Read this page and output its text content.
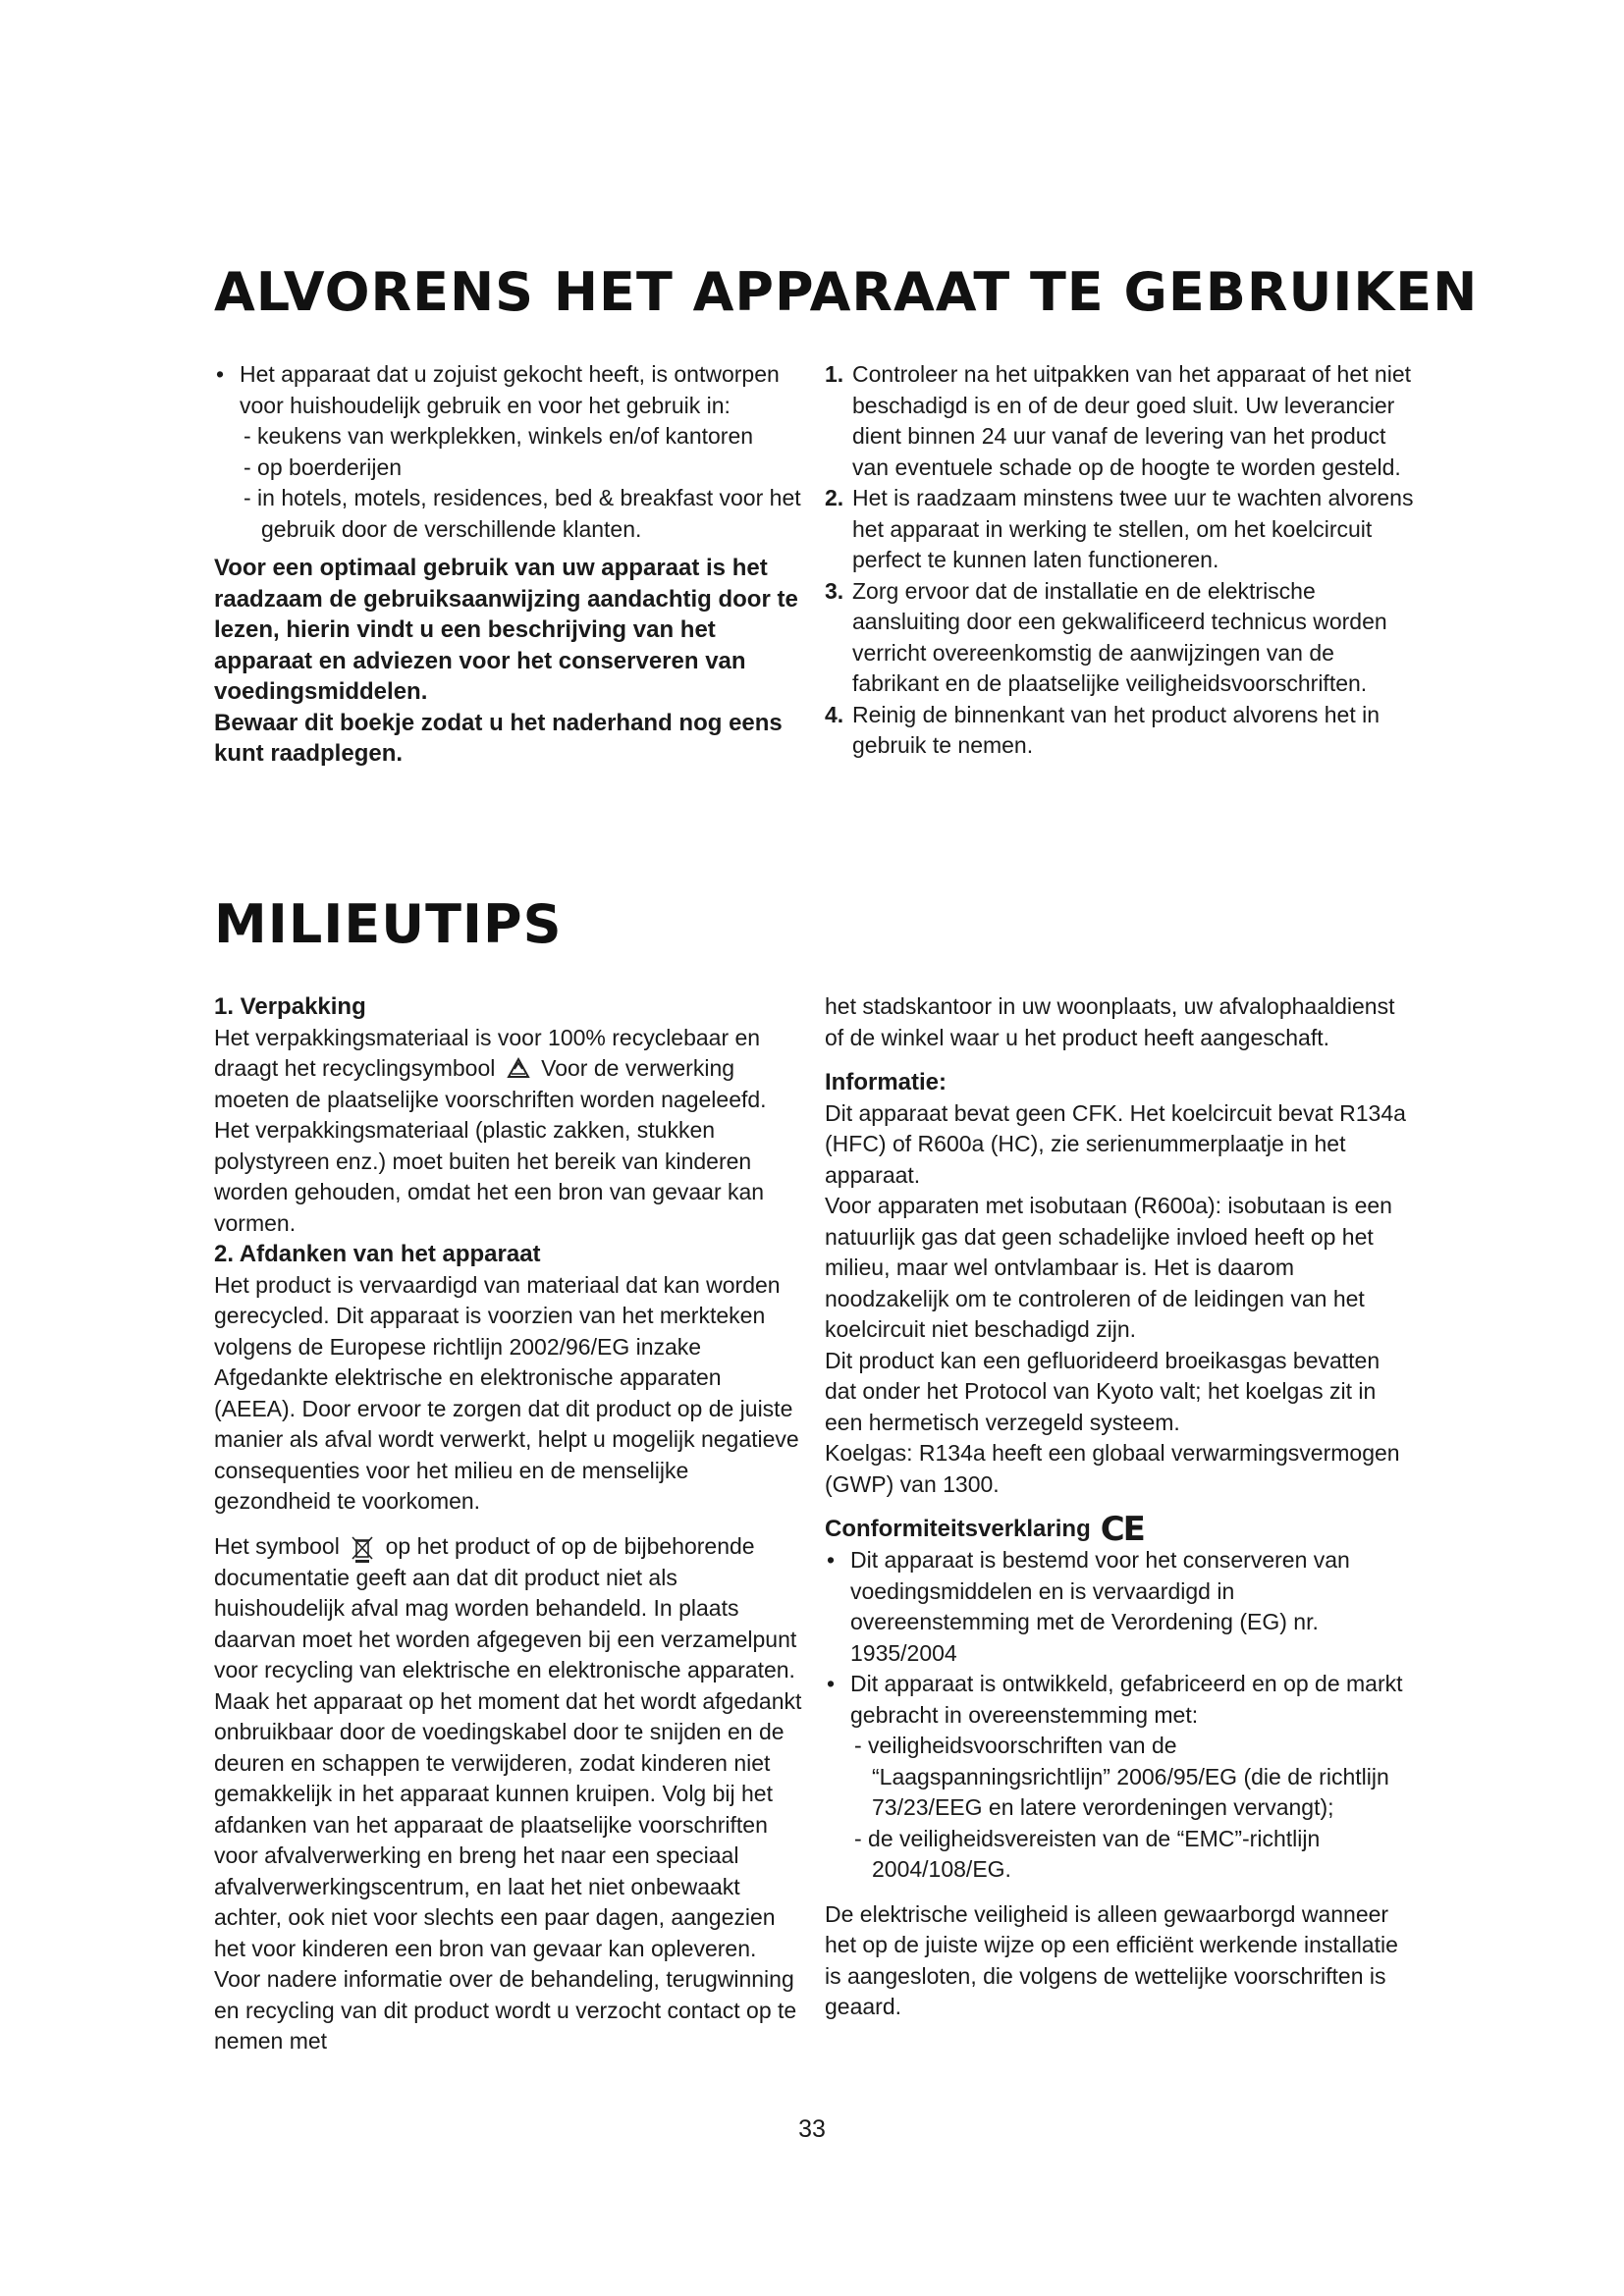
ALVORENS HET APPARAAT TE GEBRUIKEN

• Het apparaat dat u zojuist gekocht heeft, is ontworpen voor huishoudelijk gebruik en voor het gebruik in:

- keukens van werkplekken, winkels en/of kantoren

- op boerderijen

- in hotels, motels, residences, bed & breakfast voor het gebruik door de verschillende klanten.

Voor een optimaal gebruik van uw apparaat is het raadzaam de gebruiksaanwijzing aandachtig door te lezen, hierin vindt u een beschrijving van het apparaat en adviezen voor het conserveren van voedingsmiddelen.

Bewaar dit boekje zodat u het naderhand nog eens kunt raadplegen.

1. Controleer na het uitpakken van het apparaat of het niet beschadigd is en of de deur goed sluit. Uw leverancier dient binnen 24 uur vanaf de levering van het product van eventuele schade op de hoogte te worden gesteld.

2. Het is raadzaam minstens twee uur te wachten alvorens het apparaat in werking te stellen, om het koelcircuit perfect te kunnen laten functioneren.

3. Zorg ervoor dat de installatie en de elektrische aansluiting door een gekwalificeerd technicus worden verricht overeenkomstig de aanwijzingen van de fabrikant en de plaatselijke veiligheidsvoorschriften.

4. Reinig de binnenkant van het product alvorens het in gebruik te nemen.

MILIEUTIPS

1. Verpakking

Het verpakkingsmateriaal is voor 100% recyclebaar en draagt het recyclingsymbool Voor de verwerking moeten de plaatselijke voorschriften worden nageleefd. Het verpakkingsmateriaal (plastic zakken, stukken polystyreen enz.) moet buiten het bereik van kinderen worden gehouden, omdat het een bron van gevaar kan vormen.

2. Afdanken van het apparaat

Het product is vervaardigd van materiaal dat kan worden gerecycled. Dit apparaat is voorzien van het merkteken volgens de Europese richtlijn 2002/96/EG inzake Afgedankte elektrische en elektronische apparaten (AEEA). Door ervoor te zorgen dat dit product op de juiste manier als afval wordt verwerkt, helpt u mogelijk negatieve consequenties voor het milieu en de menselijke gezondheid te voorkomen.

Het symbool op het product of op de bijbehorende documentatie geeft aan dat dit product niet als huishoudelijk afval mag worden behandeld. In plaats daarvan moet het worden afgegeven bij een verzamelpunt voor recycling van elektrische en elektronische apparaten. Maak het apparaat op het moment dat het wordt afgedankt onbruikbaar door de voedingskabel door te snijden en de deuren en schappen te verwijderen, zodat kinderen niet gemakkelijk in het apparaat kunnen kruipen. Volg bij het afdanken van het apparaat de plaatselijke voorschriften voor afvalverwerking en breng het naar een speciaal afvalverwerkingscentrum, en laat het niet onbewaakt achter, ook niet voor slechts een paar dagen, aangezien het voor kinderen een bron van gevaar kan opleveren. Voor nadere informatie over de behandeling, terugwinning en recycling van dit product wordt u verzocht contact op te nemen met

het stadskantoor in uw woonplaats, uw afvalophaaldienst of de winkel waar u het product heeft aangeschaft.

Informatie:

Dit apparaat bevat geen CFK. Het koelcircuit bevat R134a (HFC) of R600a (HC), zie serienummerplaatje in het apparaat.

Voor apparaten met isobutaan (R600a): isobutaan is een natuurlijk gas dat geen schadelijke invloed heeft op het milieu, maar wel ontvlambaar is. Het is daarom noodzakelijk om te controleren of de leidingen van het koelcircuit niet beschadigd zijn.

Dit product kan een gefluorideerd broeikasgas bevatten dat onder het Protocol van Kyoto valt; het koelgas zit in een hermetisch verzegeld systeem.

Koelgas: R134a heeft een globaal verwarmingsvermogen (GWP) van 1300.

Conformiteitsverklaring CE

• Dit apparaat is bestemd voor het conserveren van voedingsmiddelen en is vervaardigd in overeenstemming met de Verordening (EG) nr. 1935/2004

• Dit apparaat is ontwikkeld, gefabriceerd en op de markt gebracht in overeenstemming met:

- veiligheidsvoorschriften van de “Laagspanningsrichtlijn” 2006/95/EG (die de richtlijn 73/23/EEG en latere verordeningen vervangt);

- de veiligheidsvereisten van de “EMC”-richtlijn 2004/108/EG.

De elektrische veiligheid is alleen gewaarborgd wanneer het op de juiste wijze op een efficiënt werkende installatie is aangesloten, die volgens de wettelijke voorschriften is geaard.

33
